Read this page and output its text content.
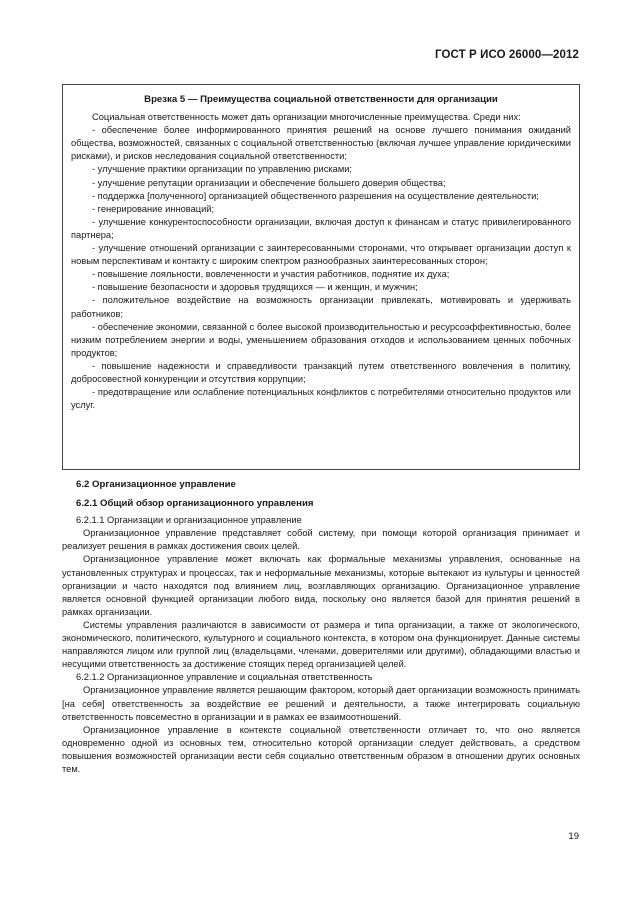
ГОСТ Р ИСО 26000—2012
Врезка 5 — Преимущества социальной ответственности для организации

Социальная ответственность может дать организации многочисленные преимущества. Среди них:

- обеспечение более информированного принятия решений на основе лучшего понимания ожиданий общества, возможностей, связанных с социальной ответственностью (включая лучшее управление юридическими рисками), и рисков неследования социальной ответственности;

- улучшение практики организации по управлению рисками;

- улучшение репутации организации и обеспечение большего доверия общества;

- поддержка [полученного] организацией общественного разрешения на осуществление деятельности;

- генерирование инноваций;

- улучшение конкурентоспособности организации, включая доступ к финансам и статус привилегированного партнера;

- улучшение отношений организации с заинтересованными сторонами, что открывает организации доступ к новым перспективам и контакту с широким спектром разнообразных заинтересованных сторон;

- повышение лояльности, вовлеченности и участия работников, поднятие их духа;

- повышение безопасности и здоровья трудящихся — и женщин, и мужчин;

- положительное воздействие на возможность организации привлекать, мотивировать и удерживать работников;

- обеспечение экономии, связанной с более высокой производительностью и ресурсоэффективностью, более низким потреблением энергии и воды, уменьшением образования отходов и использованием ценных побочных продуктов;

- повышение надежности и справедливости транзакций путем ответственного вовлечения в политику, добросовестной конкуренции и отсутствия коррупции;

- предотвращение или ослабление потенциальных конфликтов с потребителями относительно продуктов или услуг.

6.2 Организационное управление
6.2.1 Общий обзор организационного управления
6.2.1.1 Организации и организационное управление

Организационное управление представляет собой систему, при помощи которой организация принимает и реализует решения в рамках достижения своих целей.

Организационное управление может включать как формальные механизмы управления, основанные на установленных структурах и процессах, так и неформальные механизмы, которые вытекают из культуры и ценностей организации и часто находятся под влиянием лиц, возглавляющих организацию. Организационное управление является основной функцией организации любого вида, поскольку оно является базой для принятия решений в рамках организации.

Системы управления различаются в зависимости от размера и типа организации, а также от экологического, экономического, политического, культурного и социального контекста, в котором она функционирует. Данные системы направляются лицом или группой лиц (владельцами, членами, доверителями или другими), обладающими властью и несущими ответственность за достижение стоящих перед организацией целей.

6.2.1.2 Организационное управление и социальная ответственность

Организационное управление является решающим фактором, который дает организации возможность принимать [на себя] ответственность за воздействие ее решений и деятельности, а также интегрировать социальную ответственность повсеместно в организации и в рамках ее взаимоотношений.

Организационное управление в контексте социальной ответственности отличает то, что оно является одновременно одной из основных тем, относительно которой организации следует действовать, а средством повышения возможностей организации вести себя социально ответственным образом в отношении других основных тем.

19
